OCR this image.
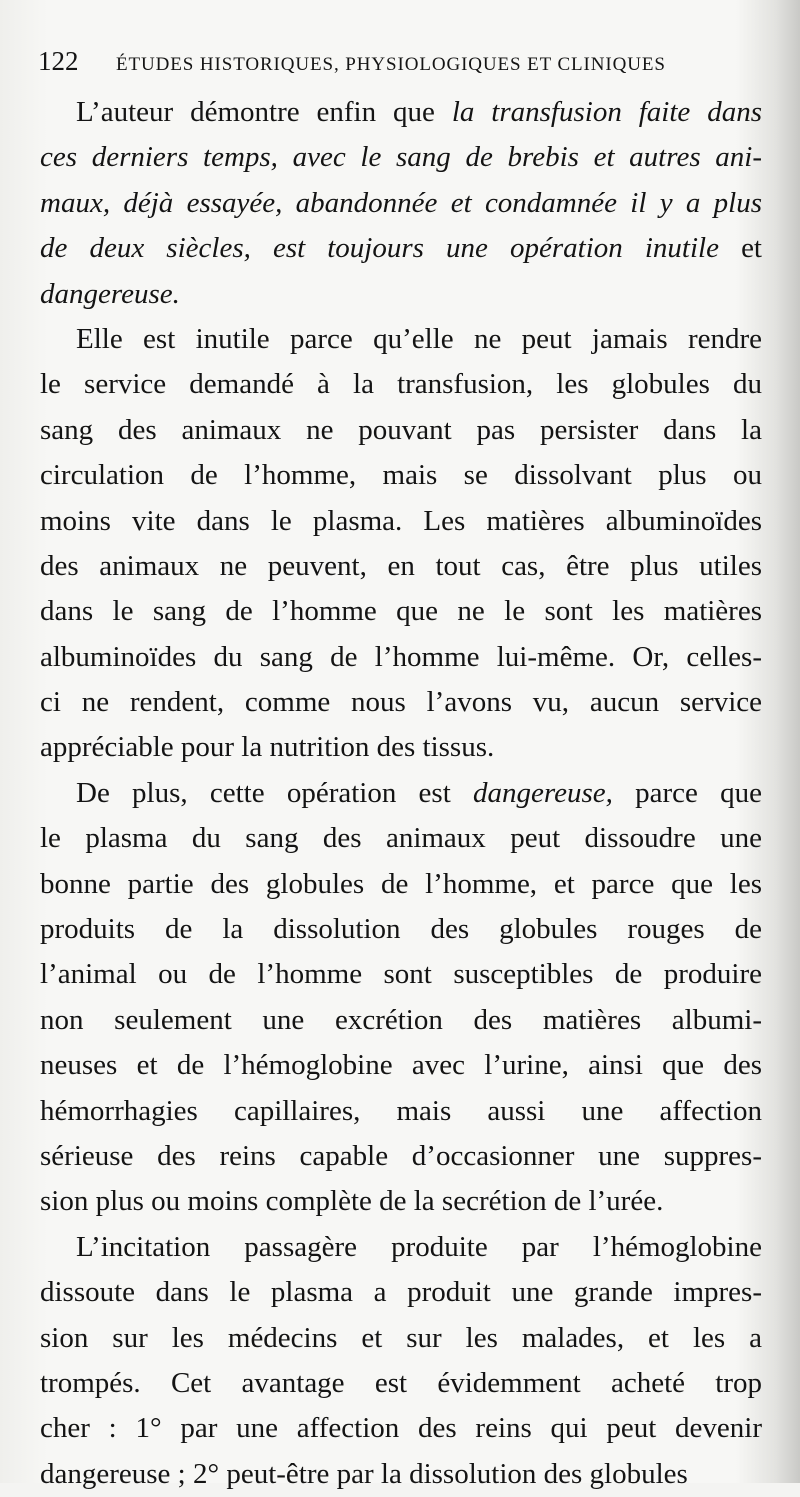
122	ÉTUDES HISTORIQUES, PHYSIOLOGIQUES ET CLINIQUES
L’auteur démontre enfin que la transfusion faite dans
ces derniers temps, avec le sang de brebis et autres ani-
maux, déjà essayée, abandonnée et condamnée il y a plus
de deux siècles, est toujours une opération inutile et
dangereuse.
Elle est inutile parce qu’elle ne peut jamais rendre
le service demandé à la transfusion, les globules du
sang des animaux ne pouvant pas persister dans la
circulation de l’homme, mais se dissolvant plus ou
moins vite dans le plasma. Les matières albuminoïdes
des animaux ne peuvent, en tout cas, être plus utiles
dans le sang de l’homme que ne le sont les matières
albuminoïdes du sang de l’homme lui-même. Or, celles-
ci ne rendent, comme nous l’avons vu, aucun service
appréciable pour la nutrition des tissus.
De plus, cette opération est dangereuse, parce que
le plasma du sang des animaux peut dissoudre une
bonne partie des globules de l’homme, et parce que les
produits de la dissolution des globules rouges de
l’animal ou de l’homme sont susceptibles de produire
non seulement une excrétion des matières albumi-
neuses et de l’hémoglobine avec l’urine, ainsi que des
hémorrhagies capillaires, mais aussi une affection
sérieuse des reins capable d’occasionner une suppres-
sion plus ou moins complète de la secrétion de l’urée.
L’incitation passagère produite par l’hémoglobine
dissoute dans le plasma a produit une grande impres-
sion sur les médecins et sur les malades, et les a
trompés. Cet avantage est évidemment acheté trop
cher : 1° par une affection des reins qui peut devenir
dangereuse ; 2° peut-être par la dissolution des globules
